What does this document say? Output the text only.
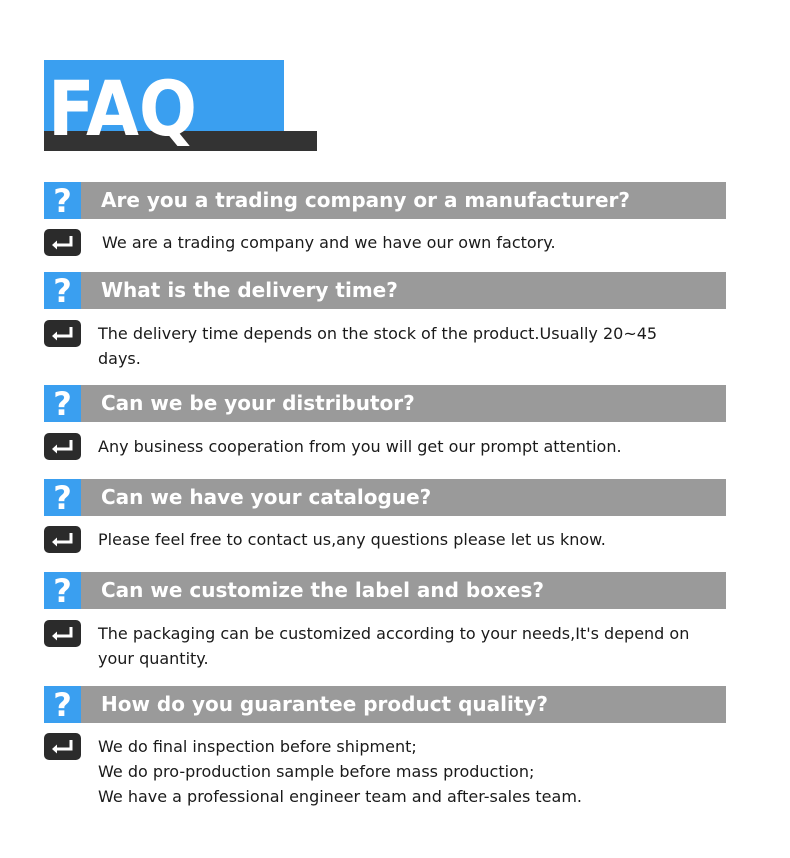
FAQ
? Are you a trading company or a manufacturer?
We are a trading company and we have our own factory.
? What is the delivery time?
The delivery time depends on the stock of the product.Usually 20~45
days.
? Can we be your distributor?
Any business cooperation from you will get our prompt attention.
? Can we have your catalogue?
Please feel free to contact us,any questions please let us know.
? Can we customize the label and boxes?
The packaging can be customized according to your needs,It's depend on
your quantity.
? How do you guarantee product quality?
We do final inspection before shipment;
We do pro-production sample before mass production;
We have a professional engineer team and after-sales team.
